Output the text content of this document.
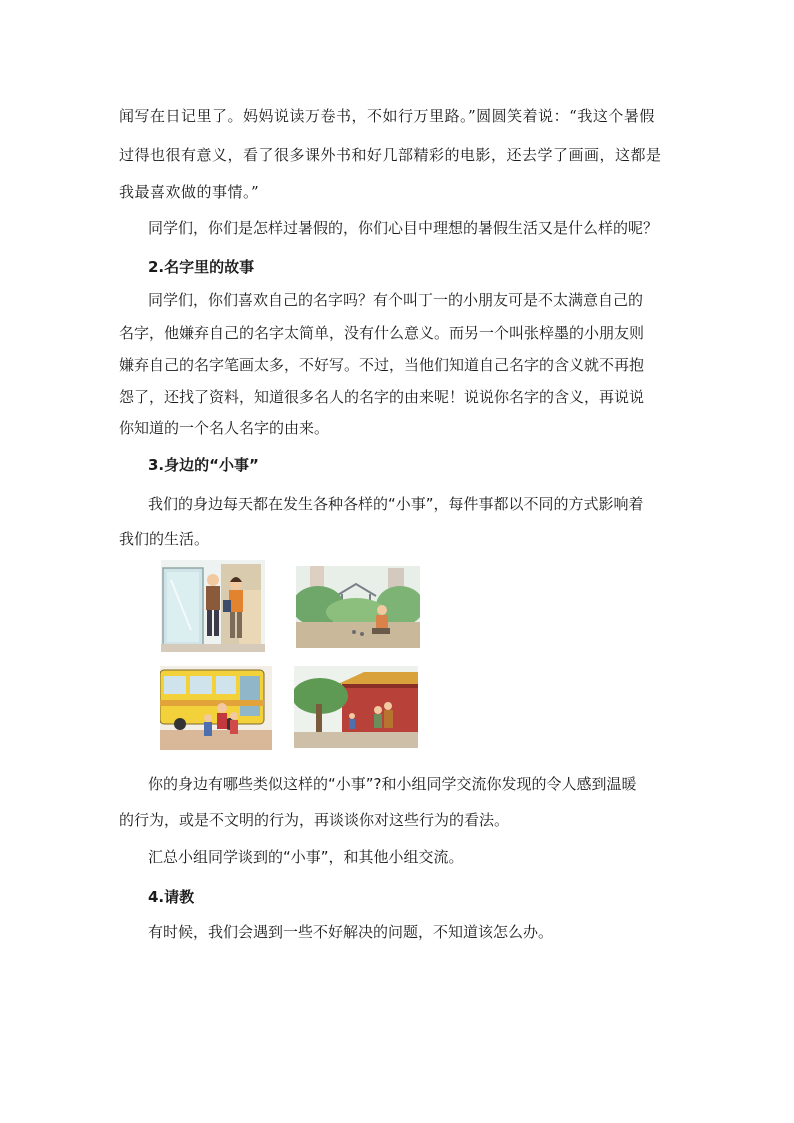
闻写在日记里了。妈妈说读万卷书，不如行万里路。”圆圆笑着说：“我这个暑假
过得也很有意义，看了很多课外书和好几部精彩的电影，还去学了画画，这都是
我最喜欢做的事情。”
同学们，你们是怎样过暑假的，你们心目中理想的暑假生活又是什么样的呢？
2.名字里的故事
同学们，你们喜欢自己的名字吗？有个叫丁一的小朋友可是不太满意自己的
名字，他嫌弃自己的名字太简单，没有什么意义。而另一个叫张梓墨的小朋友则
嫌弃自己的名字笔画太多，不好写。不过，当他们知道自己名字的含义就不再抱
怨了，还找了资料，知道很多名人的名字的由来呢！说说你名字的含义，再说说
你知道的一个名人名字的由来。
3.身边的“小事”
我们的身边每天都在发生各种各样的“小事”，每件事都以不同的方式影响着
我们的生活。
你的身边有哪些类似这样的“小事”?和小组同学交流你发现的令人感到温暖
的行为，或是不文明的行为，再谈谈你对这些行为的看法。
汇总小组同学谈到的“小事”，和其他小组交流。
4.请教
有时候，我们会遇到一些不好解决的问题，不知道该怎么办。
